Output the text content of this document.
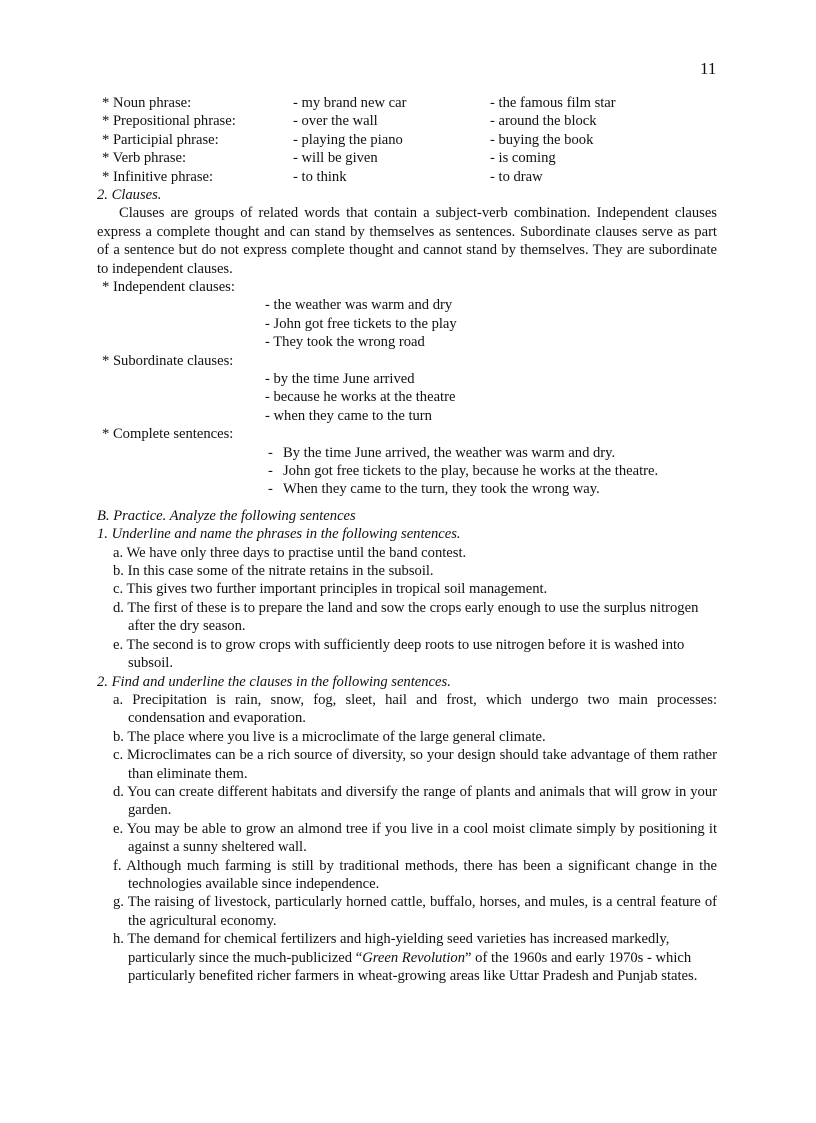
11
* Noun phrase:	- my brand new car	- the famous film star
* Prepositional phrase:	- over the wall	- around the block
* Participial phrase:	- playing the piano	- buying the book
* Verb phrase:	- will be given	- is coming
* Infinitive phrase:	- to think	- to draw
2. Clauses.
Clauses are groups of related words that contain a subject-verb combination. Independent clauses express a complete thought and can stand by themselves as sentences. Subordinate clauses serve as part of a sentence but do not express complete thought and cannot stand by themselves. They are subordinate to independent clauses.
* Independent clauses:
- the weather was warm and dry
- John got free tickets to the play
- They took the wrong road
* Subordinate clauses:
- by the time June arrived
- because he works at the theatre
- when they came to the turn
* Complete sentences:
- By the time June arrived, the weather was warm and dry.
- John got free tickets to the play, because he works at the theatre.
- When they came to the turn, they took the wrong way.
B. Practice. Analyze the following sentences
1. Underline and name the phrases in the following sentences.
a. We have only three days to practise until the band contest.
b. In this case some of the nitrate retains in the subsoil.
c. This gives two further important principles in tropical soil management.
d. The first of these is to prepare the land and sow the crops early enough to use the surplus nitrogen after the dry season.
e. The second is to grow crops with sufficiently deep roots to use nitrogen before it is washed into subsoil.
2. Find and underline the clauses in the following sentences.
a. Precipitation is rain, snow, fog, sleet, hail and frost, which undergo two main processes: condensation and evaporation.
b. The place where you live is a microclimate of the large general climate.
c. Microclimates can be a rich source of diversity, so your design should take advantage of them rather than eliminate them.
d. You can create different habitats and diversify the range of plants and animals that will grow in your garden.
e. You may be able to grow an almond tree if you live in a cool moist climate simply by positioning it against a sunny sheltered wall.
f. Although much farming is still by traditional methods, there has been a significant change in the technologies available since independence.
g. The raising of livestock, particularly horned cattle, buffalo, horses, and mules, is a central feature of the agricultural economy.
h. The demand for chemical fertilizers and high-yielding seed varieties has increased markedly, particularly since the much-publicized “Green Revolution” of the 1960s and early 1970s - which particularly benefited richer farmers in wheat-growing areas like Uttar Pradesh and Punjab states.
